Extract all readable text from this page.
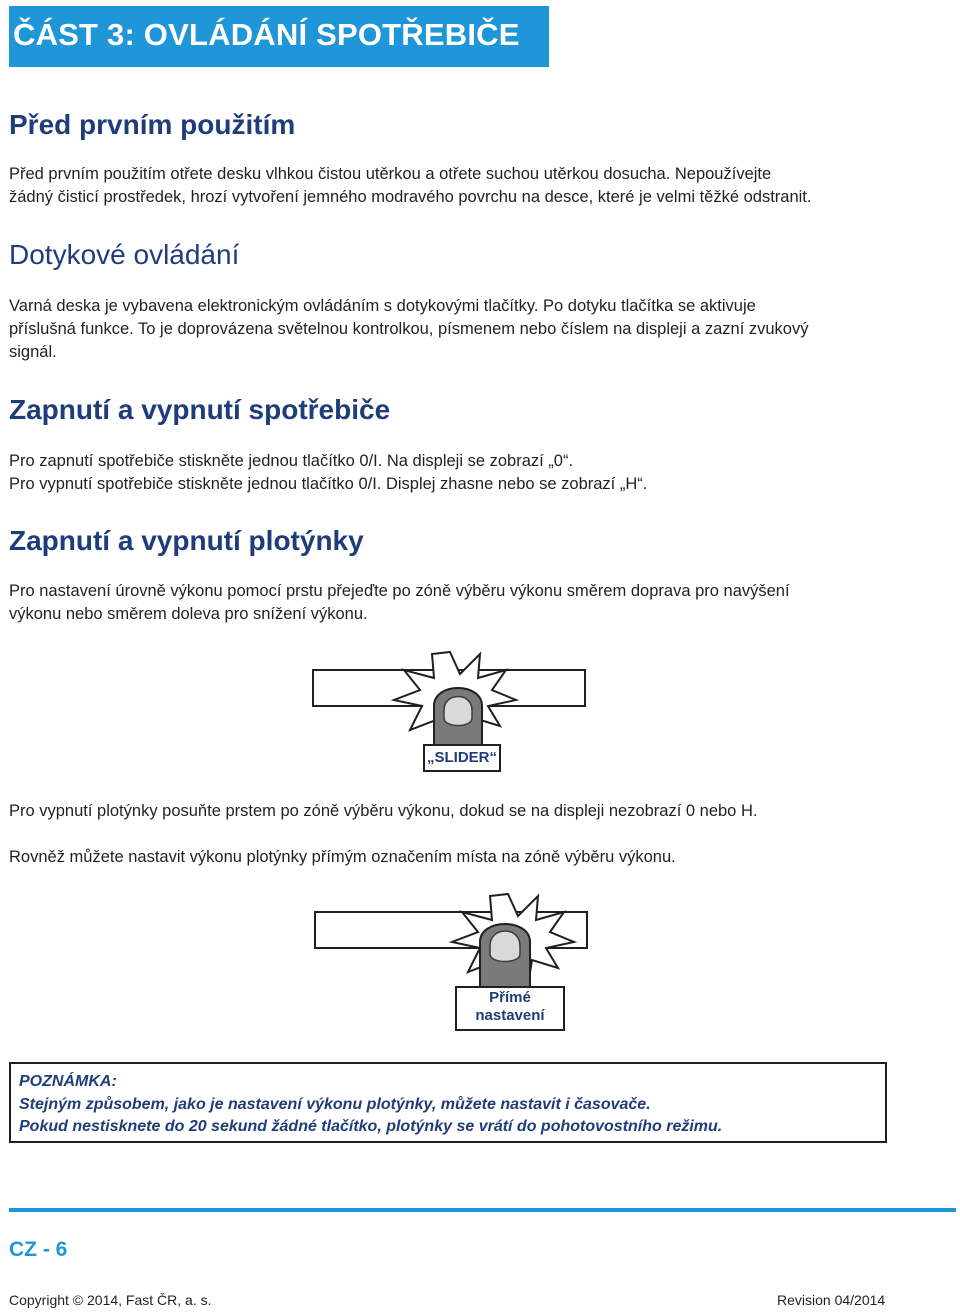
ČÁST 3: OVLÁDÁNÍ SPOTŘEBIČE
Před prvním použitím
Před prvním použitím otřete desku vlhkou čistou utěrkou a otřete suchou utěrkou dosucha. Nepoužívejte
žádný čisticí prostředek, hrozí vytvoření jemného modravého povrchu na desce, které je velmi těžké odstranit.
Dotykové ovládání
Varná deska je vybavena elektronickým ovládáním s dotykovými tlačítky. Po dotyku tlačítka se aktivuje
příslušná funkce. To je doprovázena světelnou kontrolkou, písmenem nebo číslem na displeji a zazní zvukový
signál.
Zapnutí a vypnutí spotřebiče
Pro zapnutí spotřebiče stiskněte jednou tlačítko 0/I. Na displeji se zobrazí „0“.
Pro vypnutí spotřebiče stiskněte jednou tlačítko 0/I. Displej zhasne nebo se zobrazí „H“.
Zapnutí a vypnutí plotýnky
Pro nastavení úrovně výkonu pomocí prstu přejeďte po zóně výběru výkonu směrem doprava pro navýšení
výkonu nebo směrem doleva pro snížení výkonu.
„SLIDER“
Pro vypnutí plotýnky posuňte prstem po zóně výběru výkonu, dokud se na displeji nezobrazí 0 nebo H.
Rovněž můžete nastavit výkonu plotýnky přímým označením místa na zóně výběru výkonu.
Přímé
nastavení
POZNÁMKA:
Stejným způsobem, jako je nastavení výkonu plotýnky, můžete nastavit i časovače.
Pokud nestisknete do 20 sekund žádné tlačítko, plotýnky se vrátí do pohotovostního režimu.
CZ - 6
Copyright © 2014, Fast ČR, a. s.	Revision 04/2014
